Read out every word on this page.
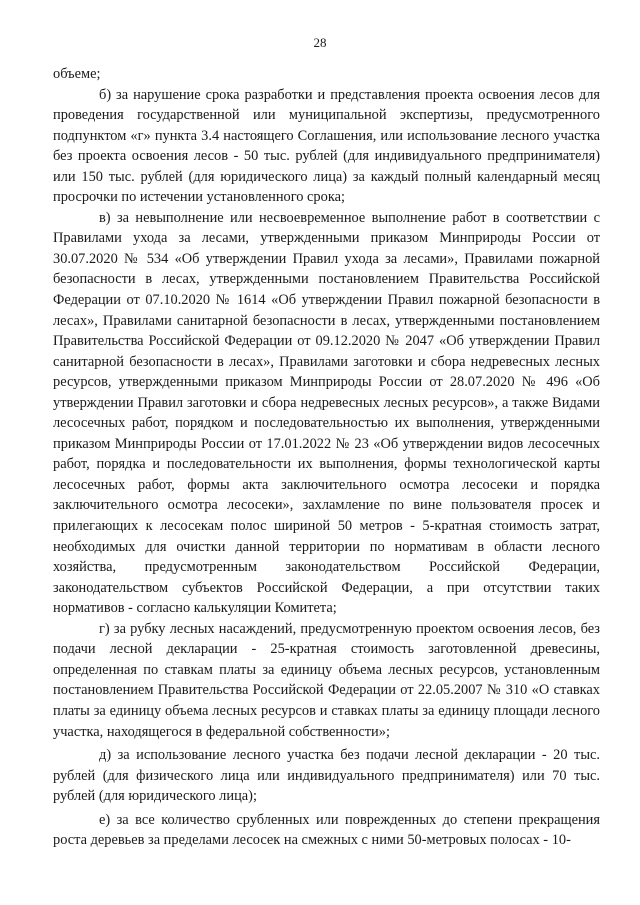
28

объеме;

б) за нарушение срока разработки и представления проекта освоения лесов для проведения государственной или муниципальной экспертизы, предусмотренного подпунктом «г» пункта 3.4 настоящего Соглашения, или использование лесного участка без проекта освоения лесов - 50 тыс. рублей (для индивидуального предпринимателя) или 150 тыс. рублей (для юридического лица) за каждый полный календарный месяц просрочки по истечении установленного срока;

в) за невыполнение или несвоевременное выполнение работ в соответствии с Правилами ухода за лесами, утвержденными приказом Минприроды России от 30.07.2020 № 534 «Об утверждении Правил ухода за лесами», Правилами пожарной безопасности в лесах, утвержденными постановлением Правительства Российской Федерации от 07.10.2020 № 1614 «Об утверждении Правил пожарной безопасности в лесах», Правилами санитарной безопасности в лесах, утвержденными постановлением Правительства Российской Федерации от 09.12.2020 № 2047 «Об утверждении Правил санитарной безопасности в лесах», Правилами заготовки и сбора недревесных лесных ресурсов, утвержденными приказом Минприроды России от 28.07.2020 № 496 «Об утверждении Правил заготовки и сбора недревесных лесных ресурсов», а также Видами лесосечных работ, порядком и последовательностью их выполнения, утвержденными приказом Минприроды России от 17.01.2022 № 23 «Об утверждении видов лесосечных работ, порядка и последовательности их выполнения, формы технологической карты лесосечных работ, формы акта заключительного осмотра лесосеки и порядка заключительного осмотра лесосеки», захламление по вине пользователя просек и прилегающих к лесосекам полос шириной 50 метров - 5-кратная стоимость затрат, необходимых для очистки данной территории по нормативам в области лесного хозяйства, предусмотренным законодательством Российской Федерации, законодательством субъектов Российской Федерации, а при отсутствии таких нормативов - согласно калькуляции Комитета;

г) за рубку лесных насаждений, предусмотренную проектом освоения лесов, без подачи лесной декларации - 25-кратная стоимость заготовленной древесины, определенная по ставкам платы за единицу объема лесных ресурсов, установленным постановлением Правительства Российской Федерации от 22.05.2007 № 310 «О ставках платы за единицу объема лесных ресурсов и ставках платы за единицу площади лесного участка, находящегося в федеральной собственности»;

д) за использование лесного участка без подачи лесной декларации - 20 тыс. рублей (для физического лица или индивидуального предпринимателя) или 70 тыс. рублей (для юридического лица);

е) за все количество срубленных или поврежденных до степени прекращения роста деревьев за пределами лесосек на смежных с ними 50-метровых полосах - 10-
